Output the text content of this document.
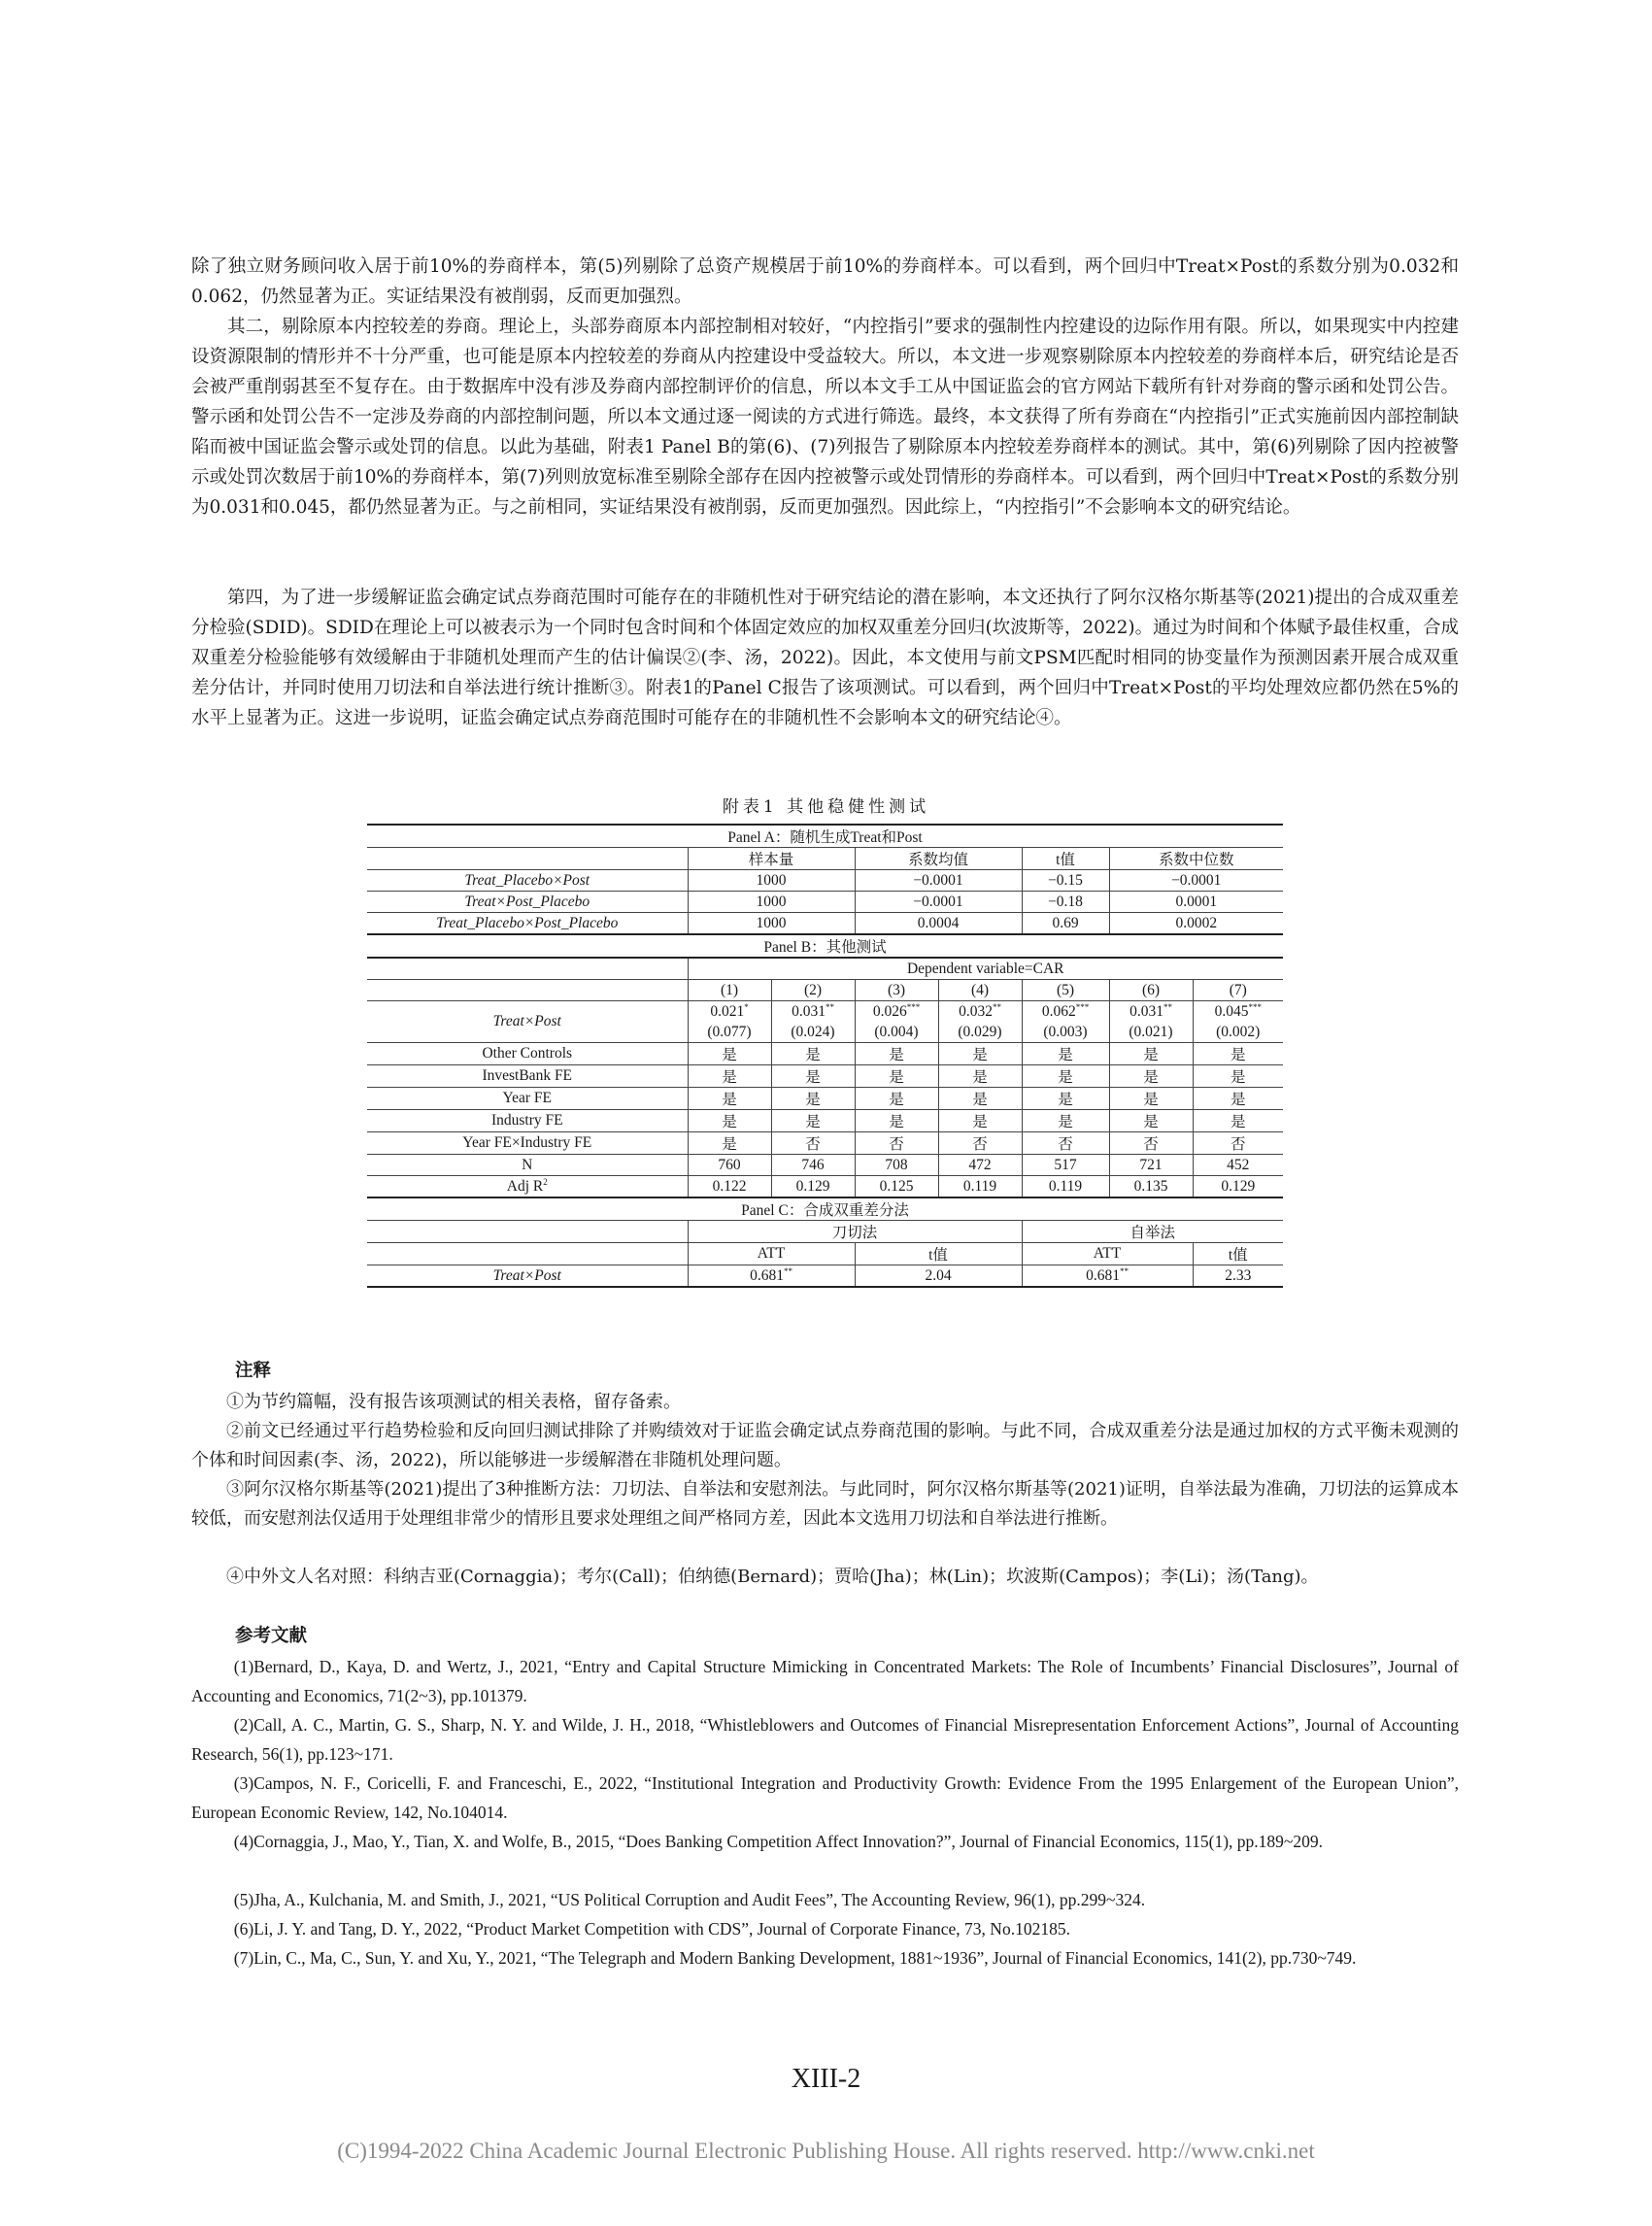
除了独立财务顾问收入居于前10%的券商样本，第(5)列剔除了总资产规模居于前10%的券商样本。可以看到，两个回归中Treat×Post的系数分别为0.032和0.062，仍然显著为正。实证结果没有被削弱，反而更加强烈。

其二，剔除原本内控较差的券商。理论上，头部券商原本内部控制相对较好，“内控指引”要求的强制性内控建设的边际作用有限。所以，如果现实中内控建设资源限制的情形并不十分严重，也可能是原本内控较差的券商从内控建设中受益较大。所以，本文进一步观察剔除原本内控较差的券商样本后，研究结论是否会被严重削弱甚至不复存在。由于数据库中没有涉及券商内部控制评价的信息，所以本文手工从中国证监会的官方网站下载所有针对券商的警示函和处罚公告。警示函和处罚公告不一定涉及券商的内部控制问题，所以本文通过逐一阅读的方式进行筛选。最终，本文获得了所有券商在“内控指引”正式实施前因内部控制缺陷而被中国证监会警示或处罚的信息。以此为基础，附表1 Panel B的第(6)、(7)列报告了剔除原本内控较差券商样本的测试。其中，第(6)列剔除了因内控被警示或处罚次数居于前10%的券商样本，第(7)列则放宽标准至剔除全部存在因内控被警示或处罚情形的券商样本。可以看到，两个回归中Treat×Post的系数分别为0.031和0.045，都仍然显著为正。与之前相同，实证结果没有被削弱，反而更加强烈。因此综上，“内控指引”不会影响本文的研究结论。

第四，为了进一步缓解证监会确定试点券商范围时可能存在的非随机性对于研究结论的潜在影响，本文还执行了阿尔汉格尔斯基等(2021)提出的合成双重差分检验(SDID)。SDID在理论上可以被表示为一个同时包含时间和个体固定效应的加权双重差分回归(坎波斯等，2022)。通过为时间和个体赋予最佳权重，合成双重差分检验能够有效缓解由于非随机处理而产生的估计偏误②(李、汤，2022)。因此，本文使用与前文PSM匹配时相同的协变量作为预测因素开展合成双重差分估计，并同时使用刀切法和自举法进行统计推断③。附表1的Panel C报告了该项测试。可以看到，两个回归中Treat×Post的平均处理效应都仍然在5%的水平上显著为正。这进一步说明，证监会确定试点券商范围时可能存在的非随机性不会影响本文的研究结论④。

附表1 其他稳健性测试
Panel A：随机生成Treat和Post							
	样本量		系数均值		t值	系数中位数	
Treat_Placebo×Post	1000		−0.0001		−0.15	−0.0001	
Treat×Post_Placebo	1000		−0.0001		−0.18	0.0001	
Treat_Placebo×Post_Placebo	1000		0.0004		0.69	0.0002	
Panel B：其他测试							
	Dependent variable=CAR						
	(1)	(2)	(3)	(4)	(5)	(6)	(7)
Treat×Post	0.021*	0.031**	0.026***	0.032**	0.062***	0.031**	0.045***
	(0.077)	(0.024)	(0.004)	(0.029)	(0.003)	(0.021)	(0.002)
Other Controls	是	是	是	是	是	是	是
InvestBank FE	是	是	是	是	是	是	是
Year FE	是	是	是	是	是	是	是
Industry FE	是	是	是	是	是	是	是
Year FE×Industry FE	是	否	否	否	否	否	否
N	760	746	708	472	517	721	452
Adj $R^2$	0.122	0.129	0.125	0.119	0.119	0.135	0.129
Panel C：合成双重差分法							
	刀切法				自举法		
	ATT		t值		ATT		t值
Treat×Post	0.681**		2.04		0.681**		2.33
注释

①为节约篇幅，没有报告该项测试的相关表格，留存备索。

②前文已经通过平行趋势检验和反向回归测试排除了并购绩效对于证监会确定试点券商范围的影响。与此不同，合成双重差分法是通过加权的方式平衡未观测的个体和时间因素(李、汤，2022)，所以能够进一步缓解潜在非随机处理问题。

③阿尔汉格尔斯基等(2021)提出了3种推断方法：刀切法、自举法和安慰剂法。与此同时，阿尔汉格尔斯基等(2021)证明，自举法最为准确，刀切法的运算成本较低，而安慰剂法仅适用于处理组非常少的情形且要求处理组之间严格同方差，因此本文选用刀切法和自举法进行推断。

④中外文人名对照：科纳吉亚(Cornaggia)；考尔(Call)；伯纳德(Bernard)；贾哈(Jha)；林(Lin)；坎波斯(Campos)；李(Li)；汤(Tang)。

参考文献

(1)Bernard, D., Kaya, D. and Wertz, J., 2021, “Entry and Capital Structure Mimicking in Concentrated Markets: The Role of Incumbents’ Financial Disclosures”, Journal of Accounting and Economics, 71(2~3), pp.101379.

(2)Call, A. C., Martin, G. S., Sharp, N. Y. and Wilde, J. H., 2018, “Whistleblowers and Outcomes of Financial Misrepresentation Enforcement Actions”, Journal of Accounting Research, 56(1), pp.123~171.

(3)Campos, N. F., Coricelli, F. and Franceschi, E., 2022, “Institutional Integration and Productivity Growth: Evidence From the 1995 Enlargement of the European Union”, European Economic Review, 142, No.104014.

(4)Cornaggia, J., Mao, Y., Tian, X. and Wolfe, B., 2015, “Does Banking Competition Affect Innovation?”, Journal of Financial Economics, 115(1), pp.189~209.

(5)Jha, A., Kulchania, M. and Smith, J., 2021, “US Political Corruption and Audit Fees”, The Accounting Review, 96(1), pp.299~324.

(6)Li, J. Y. and Tang, D. Y., 2022, “Product Market Competition with CDS”, Journal of Corporate Finance, 73, No.102185.

(7)Lin, C., Ma, C., Sun, Y. and Xu, Y., 2021, “The Telegraph and Modern Banking Development, 1881~1936”, Journal of Financial Economics, 141(2), pp.730~749.

XIII-2
(C)1994-2022 China Academic Journal Electronic Publishing House. All rights reserved. http://www.cnki.net
